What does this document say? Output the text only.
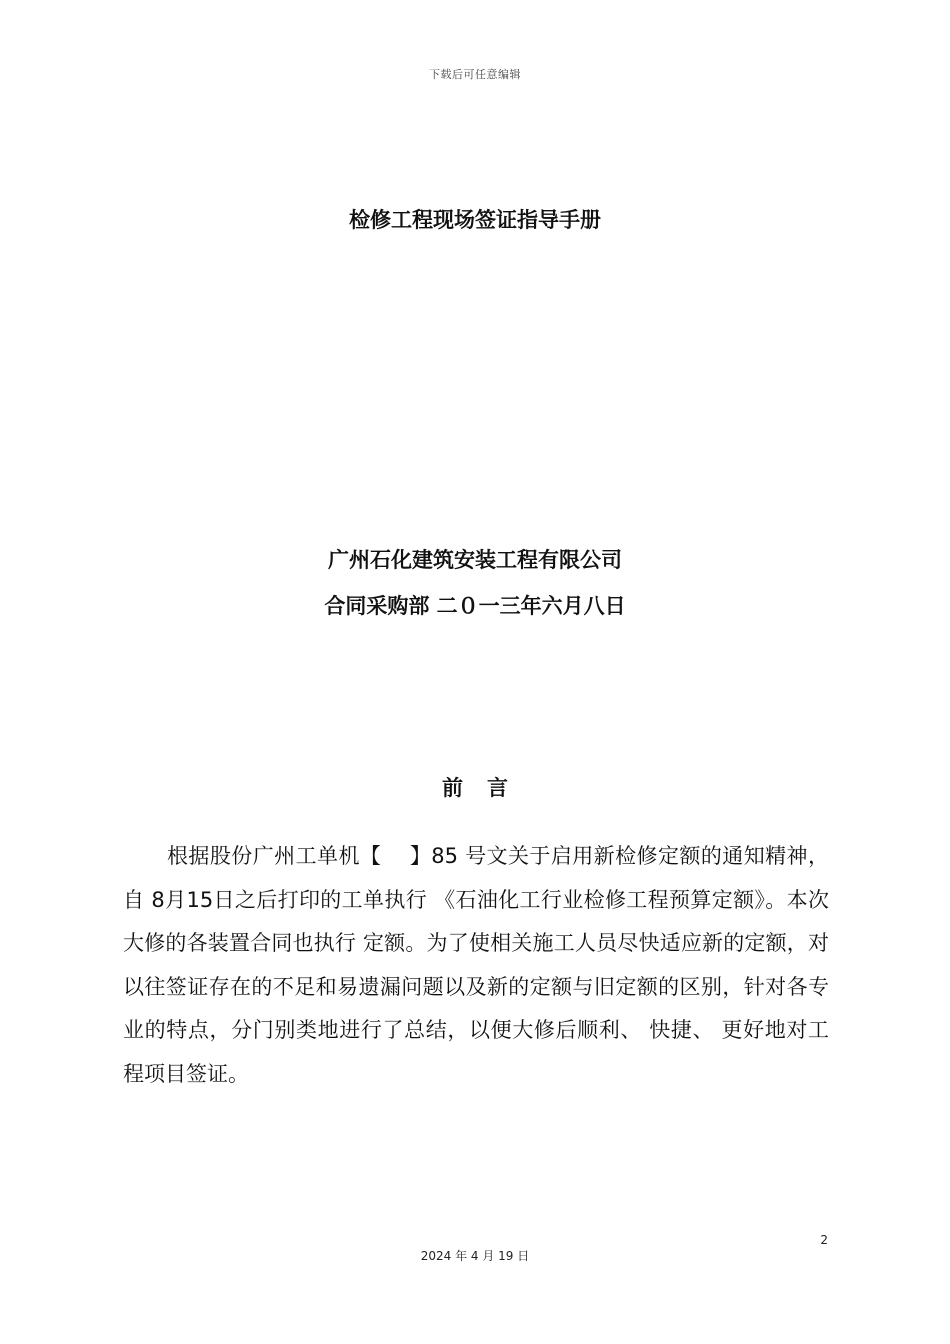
下载后可任意编辑
检修工程现场签证指导手册
广州石化建筑安装工程有限公司
合同采购部 二０一三年六月八日
前言
根据股份广州工单机【　 】85 号文关于启用新检修定额的通知精神，自 8月15日之后打印的工单执行 《石油化工行业检修工程预算定额》。本次大修的各装置合同也执行 定额。为了使相关施工人员尽快适应新的定额，对以往签证存在的不足和易遗漏问题以及新的定额与旧定额的区别，针对各专业的特点，分门别类地进行了总结，以便大修后顺利、 快捷、 更好地对工程项目签证。
2
2024 年 4 月 19 日
